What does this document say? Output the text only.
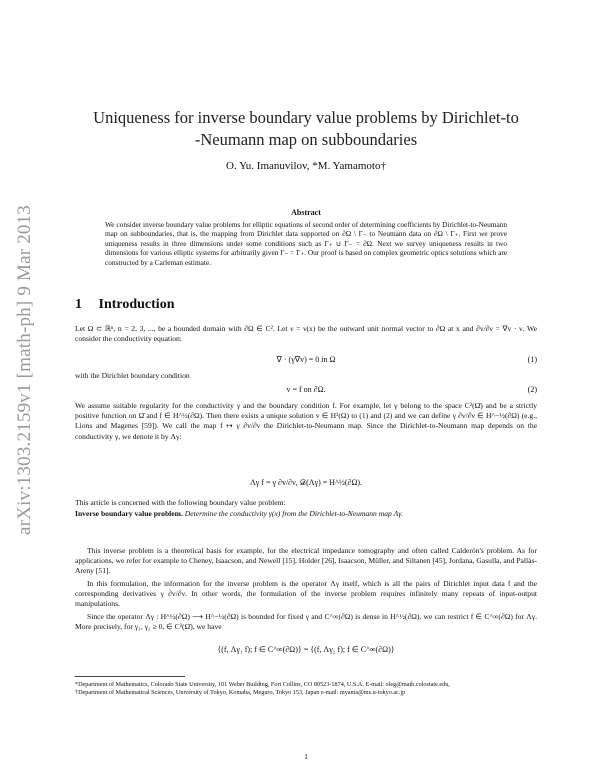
arXiv:1303.2159v1 [math-ph] 9 Mar 2013
Uniqueness for inverse boundary value problems by Dirichlet-to
-Neumann map on subboundaries
O. Yu. Imanuvilov, *M. Yamamoto†
Abstract
We consider inverse boundary value problems for elliptic equations of second order of determining coefficients by Dirichlet-to-Neumann map on subboundaries, that is, the mapping from Dirichlet data supported on ∂Ω \ Γ₋ to Neumann data on ∂Ω \ Γ₊. First we prove uniqueness results in three dimensions under some conditions such as Γ₊ ∪ Γ₋ = ∂Ω. Next we survey uniqueness results in two dimensions for various elliptic systems for arbitrarily given Γ₋ = Γ₊. Our proof is based on complex geometric optics solutions which are constructed by a Carleman estimate.
1 Introduction
Let Ω ⊂ ℝⁿ, n = 2, 3, ..., be a bounded domain with ∂Ω ∈ C². Let ν = ν(x) be the outward unit normal vector to ∂Ω at x and ∂v/∂ν = ∇v · ν. We consider the conductivity equation:
∇ · (γ∇v) = 0 in Ω	(1)
with the Dirichlet boundary condition
v = f on ∂Ω.	(2)
We assume suitable regularity for the conductivity γ and the boundary condition f. For example, let γ belong to the space C²(Ω̄) and be a strictly positive function on Ω̄ and f ∈ H^½(∂Ω). Then there exists a unique solution v ∈ H¹(Ω) to (1) and (2) and we can define γ ∂v/∂ν ∈ H^−½(∂Ω) (e.g., Lions and Magenes [59]). We call the map f ↦ γ ∂v/∂ν the Dirichlet-to-Neumann map. Since the Dirichlet-to-Neumann map depends on the conductivity γ, we denote it by Λγ:
Λγ f = γ ∂v/∂ν, 𝒟(Λγ) = H^½(∂Ω).
This article is concerned with the following boundary value problem:
Inverse boundary value problem. Determine the conductivity γ(x) from the Dirichlet-to-Neumann map Λγ.
This inverse problem is a theoretical basis for example, for the electrical impedance tomography and often called Calderón's problem. As for applications, we refer for example to Cheney, Isaacson, and Newell [15], Holder [26], Isaacson, Müller, and Siltanen [45], Jordana, Gasulla, and Pallàs-Areny [51].
In this formulation, the information for the inverse problem is the operator Λγ itself, which is all the pairs of Dirichlet input data f and the corresponding derivatives γ ∂v/∂ν. In other words, the formulation of the inverse problem requires infinitely many repeats of input-output manipulations.
Since the operator Λγ : H^½(∂Ω) ⟶ H^−½(∂Ω) is bounded for fixed γ and C^∞(∂Ω) is dense in H^½(∂Ω), we can restrict f ∈ C^∞(∂Ω) for Λγ. More precisely, for γ₁, γ₂ ≥ 0, ∈ C²(Ω̄), we have
{(f, Λγ₁ f); f ∈ C^∞(∂Ω)} = {(f, Λγ₂ f); f ∈ C^∞(∂Ω)}
*Department of Mathematics, Colorado State University, 101 Weber Building, Fort Collins, CO 80523-1874, U.S.A. E-mail: oleg@math.colostate.edu,
†Department of Mathematical Sciences, University of Tokyo, Komaba, Meguro, Tokyo 153, Japan e-mail: myama@ms.u-tokyo.ac.jp
1
